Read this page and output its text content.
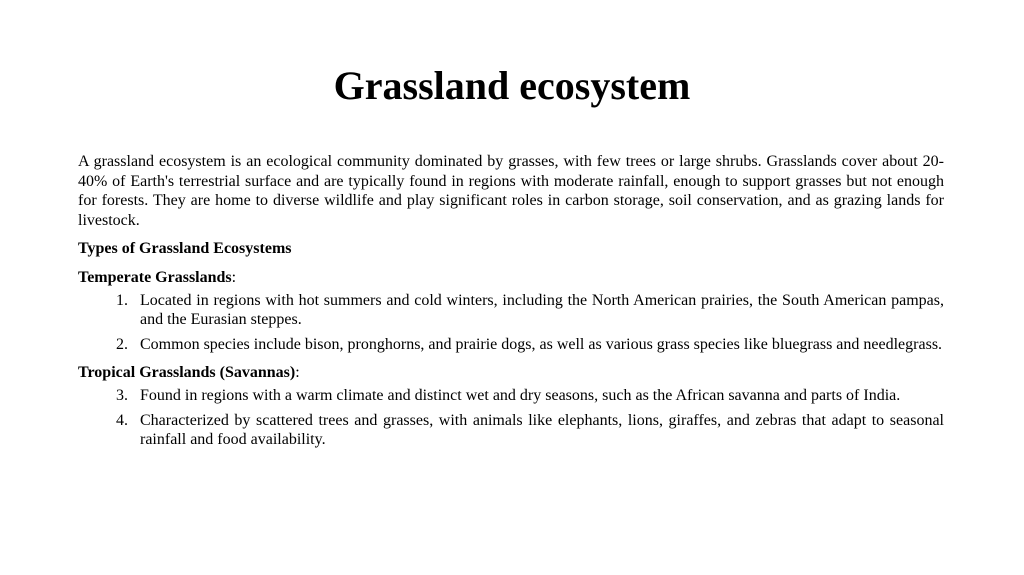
Grassland ecosystem

A grassland ecosystem is an ecological community dominated by grasses, with few trees or large shrubs. Grasslands cover about 20-40% of Earth's terrestrial surface and are typically found in regions with moderate rainfall, enough to support grasses but not enough for forests. They are home to diverse wildlife and play significant roles in carbon storage, soil conservation, and as grazing lands for livestock.

Types of Grassland Ecosystems

Temperate Grasslands:

1. Located in regions with hot summers and cold winters, including the North American prairies, the South American pampas, and the Eurasian steppes.
2. Common species include bison, pronghorns, and prairie dogs, as well as various grass species like bluegrass and needlegrass.

Tropical Grasslands (Savannas):

3. Found in regions with a warm climate and distinct wet and dry seasons, such as the African savanna and parts of India.
4. Characterized by scattered trees and grasses, with animals like elephants, lions, giraffes, and zebras that adapt to seasonal rainfall and food availability.
